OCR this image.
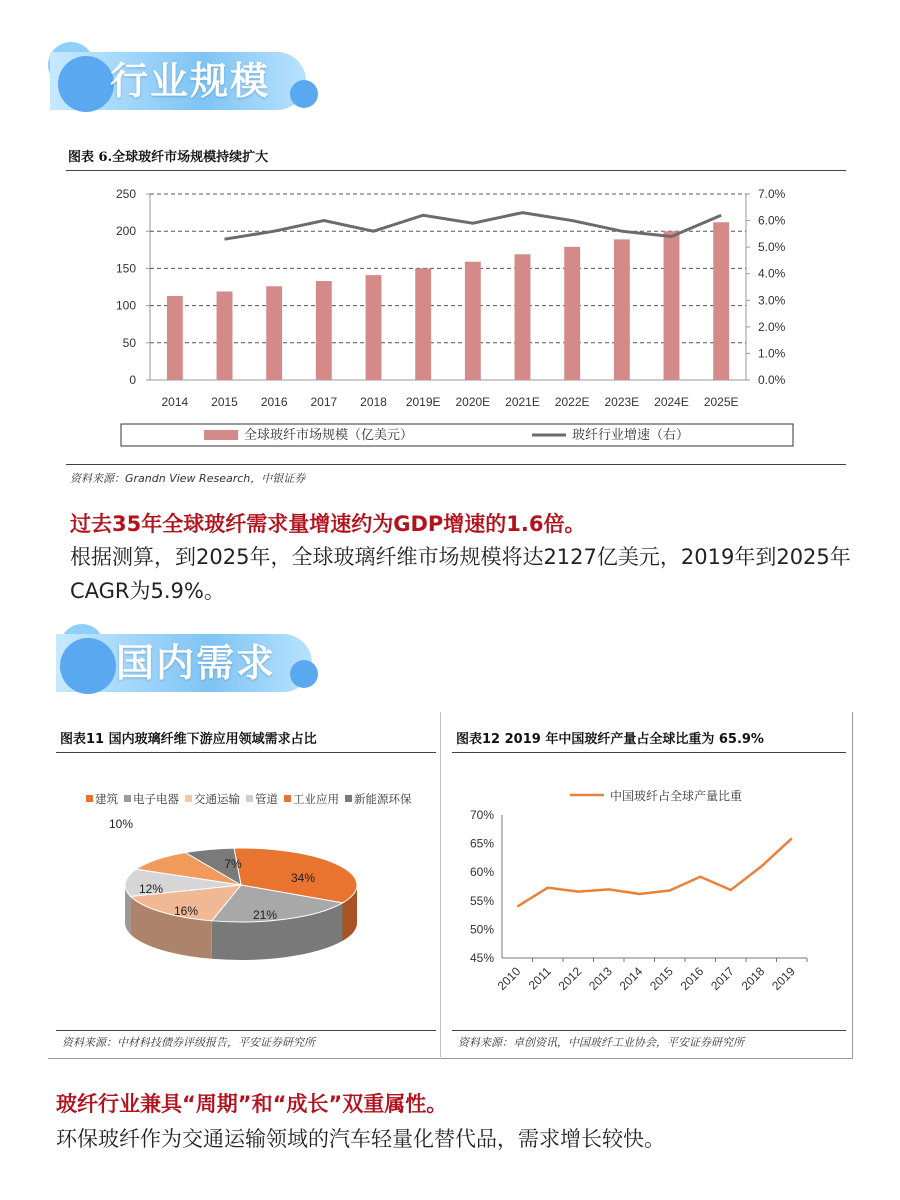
行业规模
图表 6.全球玻纤市场规模持续扩大
0
50
100
150
200
250
0.0%
1.0%
2.0%
3.0%
4.0%
5.0%
6.0%
7.0%
2014 2015 2016 2017 2018 2019E 2020E 2021E 2022E 2023E 2024E 2025E
全球玻纤市场规模（亿美元）	玻纤行业增速（右）
资料来源：Grandn View Research，中银证券
过去35年全球玻纤需求量增速约为GDP增速的1.6倍。
根据测算，到2025年，全球玻璃纤维市场规模将达2127亿美元，2019年到2025年CAGR为5.9%。
国内需求
图表11 国内玻璃纤维下游应用领域需求占比	图表12 2019 年中国玻纤产量占全球比重为 65.9%
建筑 电子电器 交通运输 管道 工业应用 新能源环保
34%
21%
16%
12%
10%
7%
中国玻纤占全球产量比重
45%
50%
55%
60%
65%
70%
2010 2011 2012 2013 2014 2015 2016 2017 2018 2019
资料来源：中材科技债券评级报告，平安证券研究所	资料来源：卓创资讯，中国玻纤工业协会，平安证券研究所
玻纤行业兼具“周期”和“成长”双重属性。
环保玻纤作为交通运输领域的汽车轻量化替代品，需求增长较快。
